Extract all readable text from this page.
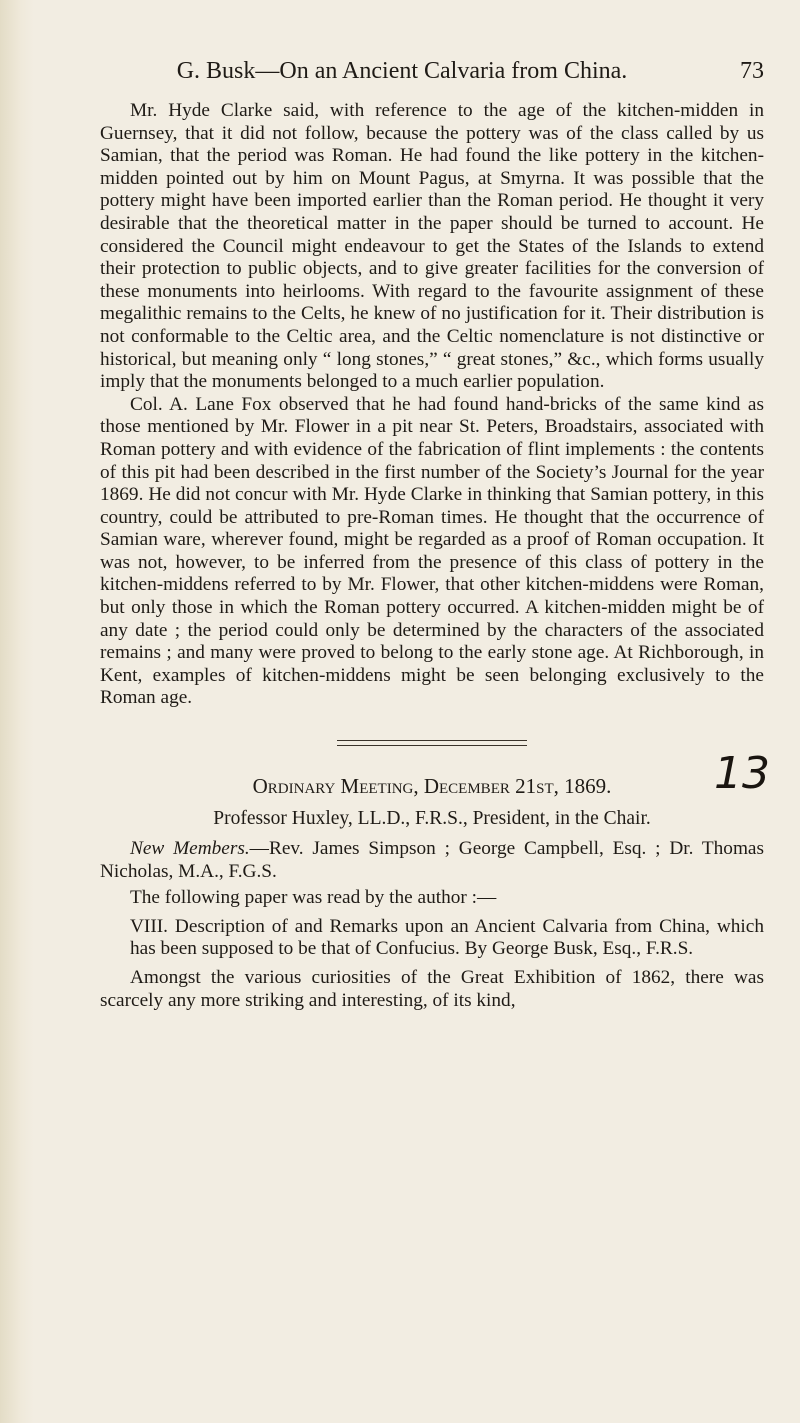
G. Busk—On an Ancient Calvaria from China.	73

Mr. Hyde Clarke said, with reference to the age of the kitchen-midden in Guernsey, that it did not follow, because the pottery was of the class called by us Samian, that the period was Roman. He had found the like pottery in the kitchen-midden pointed out by him on Mount Pagus, at Smyrna. It was possible that the pottery might have been imported earlier than the Roman period. He thought it very desirable that the theoretical matter in the paper should be turned to account. He considered the Council might endeavour to get the States of the Islands to extend their protection to public objects, and to give greater facilities for the conversion of these monuments into heirlooms. With regard to the favourite assignment of these megalithic remains to the Celts, he knew of no justification for it. Their distribution is not conformable to the Celtic area, and the Celtic nomenclature is not distinctive or historical, but meaning only “ long stones,” “ great stones,” &c., which forms usually imply that the monuments belonged to a much earlier population.

Col. A. Lane Fox observed that he had found hand-bricks of the same kind as those mentioned by Mr. Flower in a pit near St. Peters, Broadstairs, associated with Roman pottery and with evidence of the fabrication of flint implements : the contents of this pit had been described in the first number of the Society’s Journal for the year 1869. He did not concur with Mr. Hyde Clarke in thinking that Samian pottery, in this country, could be attributed to pre-Roman times. He thought that the occurrence of Samian ware, wherever found, might be regarded as a proof of Roman occupation. It was not, however, to be inferred from the presence of this class of pottery in the kitchen-middens referred to by Mr. Flower, that other kitchen-middens were Roman, but only those in which the Roman pottery occurred. A kitchen-midden might be of any date ; the period could only be determined by the characters of the associated remains ; and many were proved to belong to the early stone age. At Richborough, in Kent, examples of kitchen-middens might be seen belonging exclusively to the Roman age.

Ordinary Meeting, December 21st, 1869. 13

Professor Huxley, LL.D., F.R.S., President, in the Chair.

New Members.—Rev. James Simpson ; George Campbell, Esq. ; Dr. Thomas Nicholas, M.A., F.G.S.

The following paper was read by the author :—

VIII. Description of and Remarks upon an Ancient Calvaria from China, which has been supposed to be that of Confucius. By George Busk, Esq., F.R.S.

Amongst the various curiosities of the Great Exhibition of 1862, there was scarcely any more striking and interesting, of its kind,
